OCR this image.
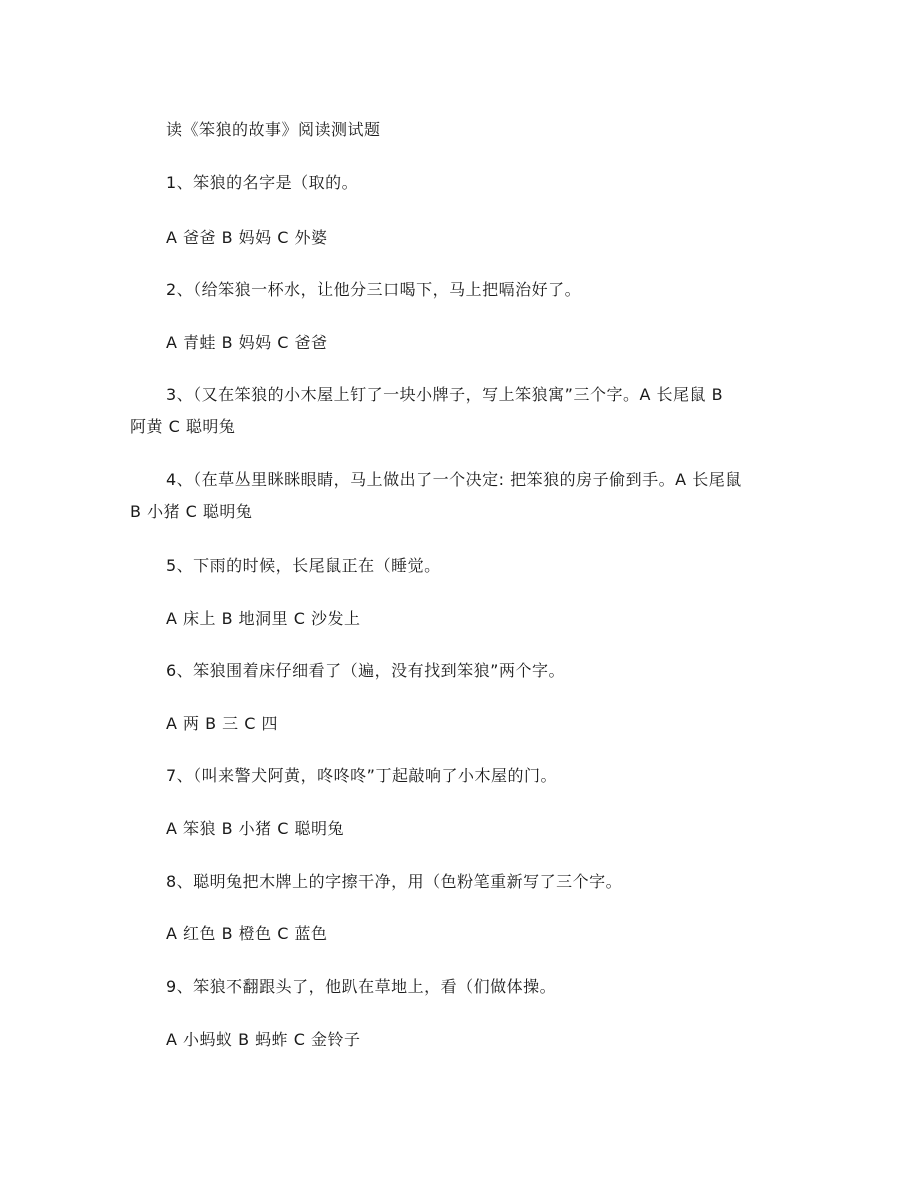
读《笨狼的故事》阅读测试题
1、笨狼的名字是（取的。
A 爸爸 B 妈妈 C 外婆
2、（给笨狼一杯水，让他分三口喝下，马上把嗝治好了。
A 青蛙 B 妈妈 C 爸爸
3、（又在笨狼的小木屋上钉了一块小牌子，写上笨狼寓”三个字。A 长尾鼠 B 阿黄 C 聪明兔
4、（在草丛里眯眯眼睛，马上做出了一个决定: 把笨狼的房子偷到手。A 长尾鼠 B 小猪 C 聪明兔
5、下雨的时候，长尾鼠正在（睡觉。
A 床上 B 地洞里 C 沙发上
6、笨狼围着床仔细看了（遍，没有找到笨狼”两个字。
A 两 B 三 C 四
7、（叫来警犬阿黄，咚咚咚”丁起敲响了小木屋的门。
A 笨狼 B 小猪 C 聪明兔
8、聪明兔把木牌上的字擦干净，用（色粉笔重新写了三个字。
A 红色 B 橙色 C 蓝色
9、笨狼不翻跟头了，他趴在草地上，看（们做体操。
A 小蚂蚁 B 蚂蚱 C 金铃子
